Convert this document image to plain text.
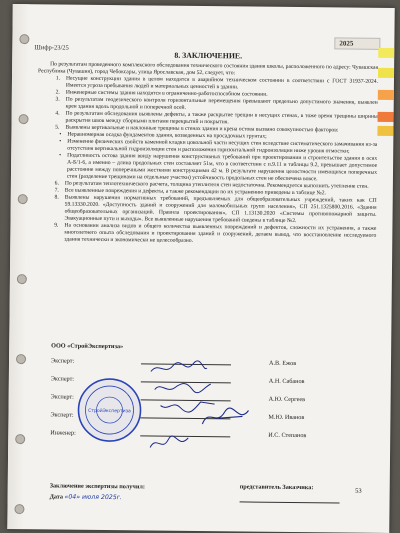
Шифр-23/25
2025
8. ЗАКЛЮЧЕНИЕ.
По результатам проведенного комплексного обследования технического состояния здания школы, расположенного по адресу: Чувашская Республика (Чувашия), город Чебоксары, улица Ярославская, дом 52, следует, что:
1.	Несущие конструкции здания в целом находятся в аварийном техническом состоянии в соответствии с ГОСТ 31937-2024. Имеется угроза пребывания людей и материальных ценностей в здании.
2.	Инженерные системы здания находятся в ограниченно-работоспособном состоянии.
3.	По результатам геодезического контроля горизонтальные перемещения превышают предельно допустимого значения, выявлен крен здания вдоль продольной и поперечной осей.
4.	По результатам обследования выявлены дефекты, а также раскрытие трещин в несущих стенах, в тоже время трещины ширины раскрытия швов между сборными плитами перекрытий и покрытия.
5.	Выявлены вертикальные и наклонные трещины в стенах здания и крена остова вызвано совокупностью факторов:
• Неравномерная осадка фундаментов здания, возведенных на просадочных грунтах;
• Изменение физических свойств каменной кладки цокольной части несущих стен вследствие систематического замачивания из-за отсутствия вертикальной гидроизоляции стен и расположения горизонтальной гидроизоляции ниже уровня отмостки;
• Податливость остова здания ввиду нарушения конструктивных требований при проектировании и строительстве здания в осях А-Б/1-6, а именно – длина продольных стен составляет 51м, что в соответствии с п.9.11 и таблицы 9.2, превышает допустимое расстояние между поперечными жесткими конструкциями 42 м. В результате нарушения целостности имеющихся поперечных стен (разделение трещинами на отдельные участки) устойчивость продольных стен не обеспечена вовсе.
6.	По результатам теплотехнического расчета, толщина утеплителя стен недостаточна. Рекомендуется выполнить утепление стен.
7.	Все выявленные повреждения и дефекты, а также рекомендации по их устранению приведены в таблице №2.
8.	Выявлены нарушения нормативных требований, предъявляемых для общеобразовательных учреждений, таких как СП 59.13330.2020. «Доступность зданий и сооружений для маломобильных групп населения», СП 251.1325800.2016. «Здания общеобразовательных организаций. Правила проектирования», СП 1.13130.2020 «Системы противопожарной защиты. Эвакуационные пути и выходы». Все выявленные нарушения требований сведены в таблице №2.
9.	На основании анализа видов и общего количества выявленных повреждений и дефектов, сложности их устранения, а также многолетнего опыта обследования и проектирования зданий и сооружений, делаем вывод, что восстановление исследуемого здания технически и экономически не целесообразно.
ООО «СтройЭкспертиза»
Эксперт:	А.В. Ежов
Эксперт:	А.Н. Сабанов
Эксперт:	А.Ю. Сергеев
Эксперт:	М.Ю. Иванов
Инженер:	И.С. Степанов
СтройЭкспертиза
Заключение экспертизы получил:	представитель Заказчика:
Дата «04» июля 2025г.
53
